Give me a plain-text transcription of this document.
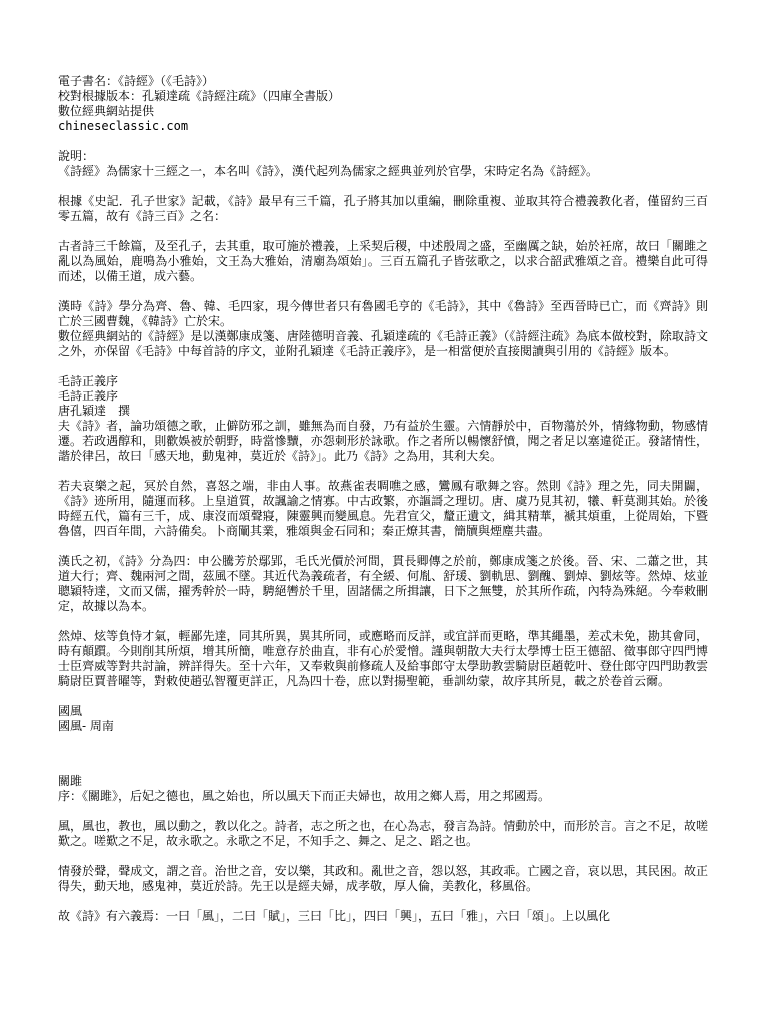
電子書名：《詩經》（《毛詩》）

校對根據版本：孔穎達疏《詩經注疏》（四庫全書版）

數位經典網站提供

chineseclassic.com

說明：

《詩經》為儒家十三經之一，本名叫《詩》，漢代起列為儒家之經典並列於官學，宋時定名為《詩經》。

根據《史記．孔子世家》記載，《詩》最早有三千篇，孔子將其加以重編，刪除重複、並取其符合禮義教化者，僅留約三百零五篇，故有《詩三百》之名：

古者詩三千餘篇，及至孔子，去其重，取可施於禮義，上采契后稷，中述殷周之盛，至幽厲之缺，始於衽席，故曰「關雎之亂以為風始，鹿鳴為小雅始，文王為大雅始，清廟為頌始」。三百五篇孔子皆弦歌之，以求合韶武雅頌之音。禮樂自此可得而述，以備王道，成六藝。

漢時《詩》學分為齊、魯、韓、毛四家，現今傳世者只有魯國毛亨的《毛詩》，其中《魯詩》至西晉時已亡，而《齊詩》則亡於三國曹魏，《韓詩》亡於宋。

數位經典網站的《詩經》是以漢鄭康成箋、唐陸德明音義、孔穎達疏的《毛詩正義》（《詩經注疏》為底本做校對，除取詩文之外，亦保留《毛詩》中每首詩的序文，並附孔穎達《毛詩正義序》，是一相當便於直接閱讀與引用的《詩經》版本。

毛詩正義序

毛詩正義序

唐孔穎達　撰

夫《詩》者，論功頌德之歌，止僻防邪之訓，雖無為而自發，乃有益於生靈。六情靜於中，百物蕩於外，情緣物動，物感情遷。若政遇醇和，則歡娛被於朝野，時當慘黷，亦怨刺形於詠歌。作之者所以暢懷舒憤，聞之者足以塞違從正。發諸情性，諧於律呂，故曰「感天地，動鬼神，莫近於《詩》」。此乃《詩》之為用，其利大矣。

若夫哀樂之起，冥於自然，喜怒之端，非由人事。故燕雀表啁噍之感，鸞鳳有歌舞之容。然則《詩》理之先，同夫開闢，《詩》迹所用，隨運而移。上皇道質，故諷諭之情寡。中古政繁，亦謳謌之理切。唐、虞乃見其初，犧、軒莫測其始。於後時經五代，篇有三千，成、康沒而頌聲寢，陳靈興而變風息。先君宣父，釐正遺文，緝其精華，褫其煩重，上從周始，下暨魯僖，四百年間，六詩備矣。卜商闡其業，雅頌與金石同和；秦正燎其書，簡牘與煙塵共盡。

漢氏之初，《詩》分為四：申公騰芳於鄢郢，毛氏光價於河間，貫長卿傳之於前，鄭康成箋之於後。晉、宋、二蕭之世，其道大行；齊、魏兩河之間，茲風不墜。其近代為義疏者，有全緩、何胤、舒瑗、劉軌思、劉醜、劉焯、劉炫等。然焯、炫並聰穎特達，文而又儒，擢秀幹於一時，騁絕轡於千里，固諸儒之所揖讓，日下之無雙，於其所作疏，內特為殊絕。今奉敕刪定，故據以為本。

然焯、炫等負恃才氣，輕鄙先達，同其所異，異其所同，或應略而反詳，或宜詳而更略，準其繩墨，差忒未免，勘其會同，時有顛躓。今則削其所煩，增其所簡，唯意存於曲直，非有心於愛憎。謹與朝散大夫行太學博士臣王德韶、徵事郎守四門博士臣齊威等對共討論，辨詳得失。至十六年，又奉敕與前修疏人及給事郎守太學助教雲騎尉臣趙乾叶、登仕郎守四門助教雲騎尉臣賈普曜等，對敕使趙弘智覆更詳正，凡為四十卷，庶以對揚聖範，垂訓幼蒙，故序其所見，載之於卷首云爾。

國風

國風- 周南

關雎

序：《關雎》，后妃之德也，風之始也，所以風天下而正夫婦也，故用之鄉人焉，用之邦國焉。

風，風也，教也，風以動之，教以化之。詩者，志之所之也，在心為志，發言為詩。情動於中，而形於言。言之不足，故嗟歎之。嗟歎之不足，故永歌之。永歌之不足，不知手之、舞之、足之、蹈之也。

情發於聲，聲成文，謂之音。治世之音，安以樂，其政和。亂世之音，怨以怒，其政乖。亡國之音，哀以思，其民困。故正得失，動天地，感鬼神，莫近於詩。先王以是經夫婦，成孝敬，厚人倫，美教化，移風俗。

故《詩》有六義焉：一曰「風」，二曰「賦」，三曰「比」，四曰「興」，五曰「雅」，六曰「頌」。上以風化
